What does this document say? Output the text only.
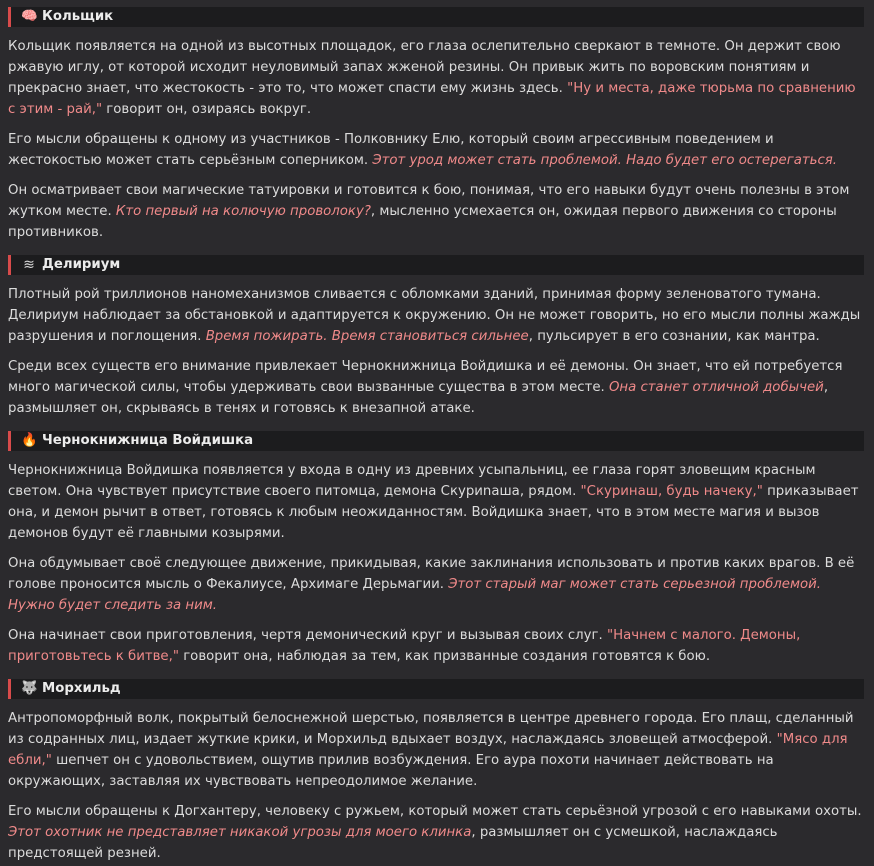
🧠 Кольщик

Кольщик появляется на одной из высотных площадок, его глаза ослепительно сверкают в темноте. Он держит свою ржавую иглу, от которой исходит неуловимый запах жженой резины. Он привык жить по воровским понятиям и прекрасно знает, что жестокость - это то, что может спасти ему жизнь здесь. "Ну и места, даже тюрьма по сравнению с этим - рай," говорит он, озираясь вокруг.

Его мысли обращены к одному из участников - Полковнику Елю, который своим агрессивным поведением и жестокостью может стать серьёзным соперником. Этот урод может стать проблемой. Надо будет его остерегаться.

Он осматривает свои магические татуировки и готовится к бою, понимая, что его навыки будут очень полезны в этом жутком месте. Кто первый на колючую проволоку?, мысленно усмехается он, ожидая первого движения со стороны противников.

≋ Делириум

Плотный рой триллионов наномеханизмов сливается с обломками зданий, принимая форму зеленоватого тумана. Делириум наблюдает за обстановкой и адаптируется к окружению. Он не может говорить, но его мысли полны жажды разрушения и поглощения. Время пожирать. Время становиться сильнее, пульсирует в его сознании, как мантра.

Среди всех существ его внимание привлекает Чернокнижница Войдишка и её демоны. Он знает, что ей потребуется много магической силы, чтобы удерживать свои вызванные существа в этом месте. Она станет отличной добычей, размышляет он, скрываясь в тенях и готовясь к внезапной атаке.

🔥 Чернокнижница Войдишка

Чернокнижница Войдишка появляется у входа в одну из древних усыпальниц, ее глаза горят зловещим красным светом. Она чувствует присутствие своего питомца, демона Скуриnaша, рядом. "Скуринаш, будь начеку," приказывает она, и демон рычит в ответ, готовясь к любым неожиданностям. Войдишка знает, что в этом месте магия и вызов демонов будут её главными козырями.

Она обдумывает своё следующее движение, прикидывая, какие заклинания использовать и против каких врагов. В её голове проносится мысль о Фекалиусе, Архимаге Дерьмагии. Этот старый маг может стать серьезной проблемой. Нужно будет следить за ним.

Она начинает свои приготовления, чертя демонический круг и вызывая своих слуг. "Начнем с малого. Демоны, приготовьтесь к битве," говорит она, наблюдая за тем, как призванные создания готовятся к бою.

🐺 Морхильд

Антропоморфный волк, покрытый белоснежной шерстью, появляется в центре древнего города. Его плащ, сделанный из содранных лиц, издает жуткие крики, и Морхильд вдыхает воздух, наслаждаясь зловещей атмосферой. "Мясо для ебли," шепчет он с удовольствием, ощутив прилив возбуждения. Его аура похоти начинает действовать на окружающих, заставляя их чувствовать непреодолимое желание.

Его мысли обращены к Догхантеру, человеку с ружьем, который может стать серьёзной угрозой с его навыками охоты. Этот охотник не представляет никакой угрозы для моего клинка, размышляет он с усмешкой, наслаждаясь предстоящей резней.
